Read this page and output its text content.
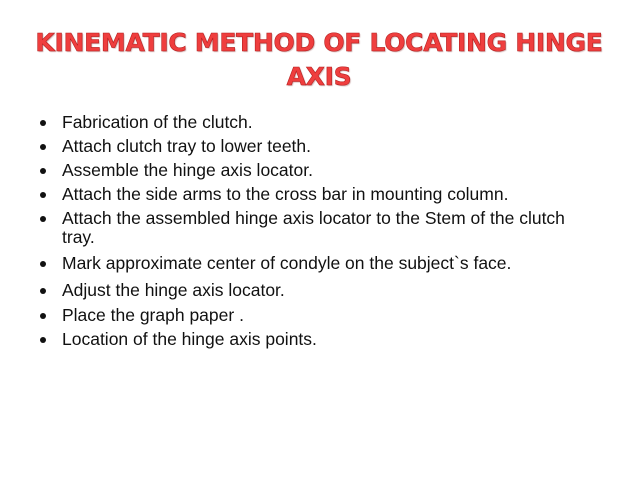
KINEMATIC METHOD OF LOCATING HINGE
AXIS
Fabrication of the clutch.
Attach clutch tray to lower teeth.
Assemble the hinge axis locator.
Attach the side arms to the cross bar in mounting column.
Attach the assembled hinge axis locator to the Stem of the clutch tray.
Mark approximate center of condyle on the subject`s face.
Adjust the hinge axis locator.
Place the graph paper .
Location of the hinge axis points.
